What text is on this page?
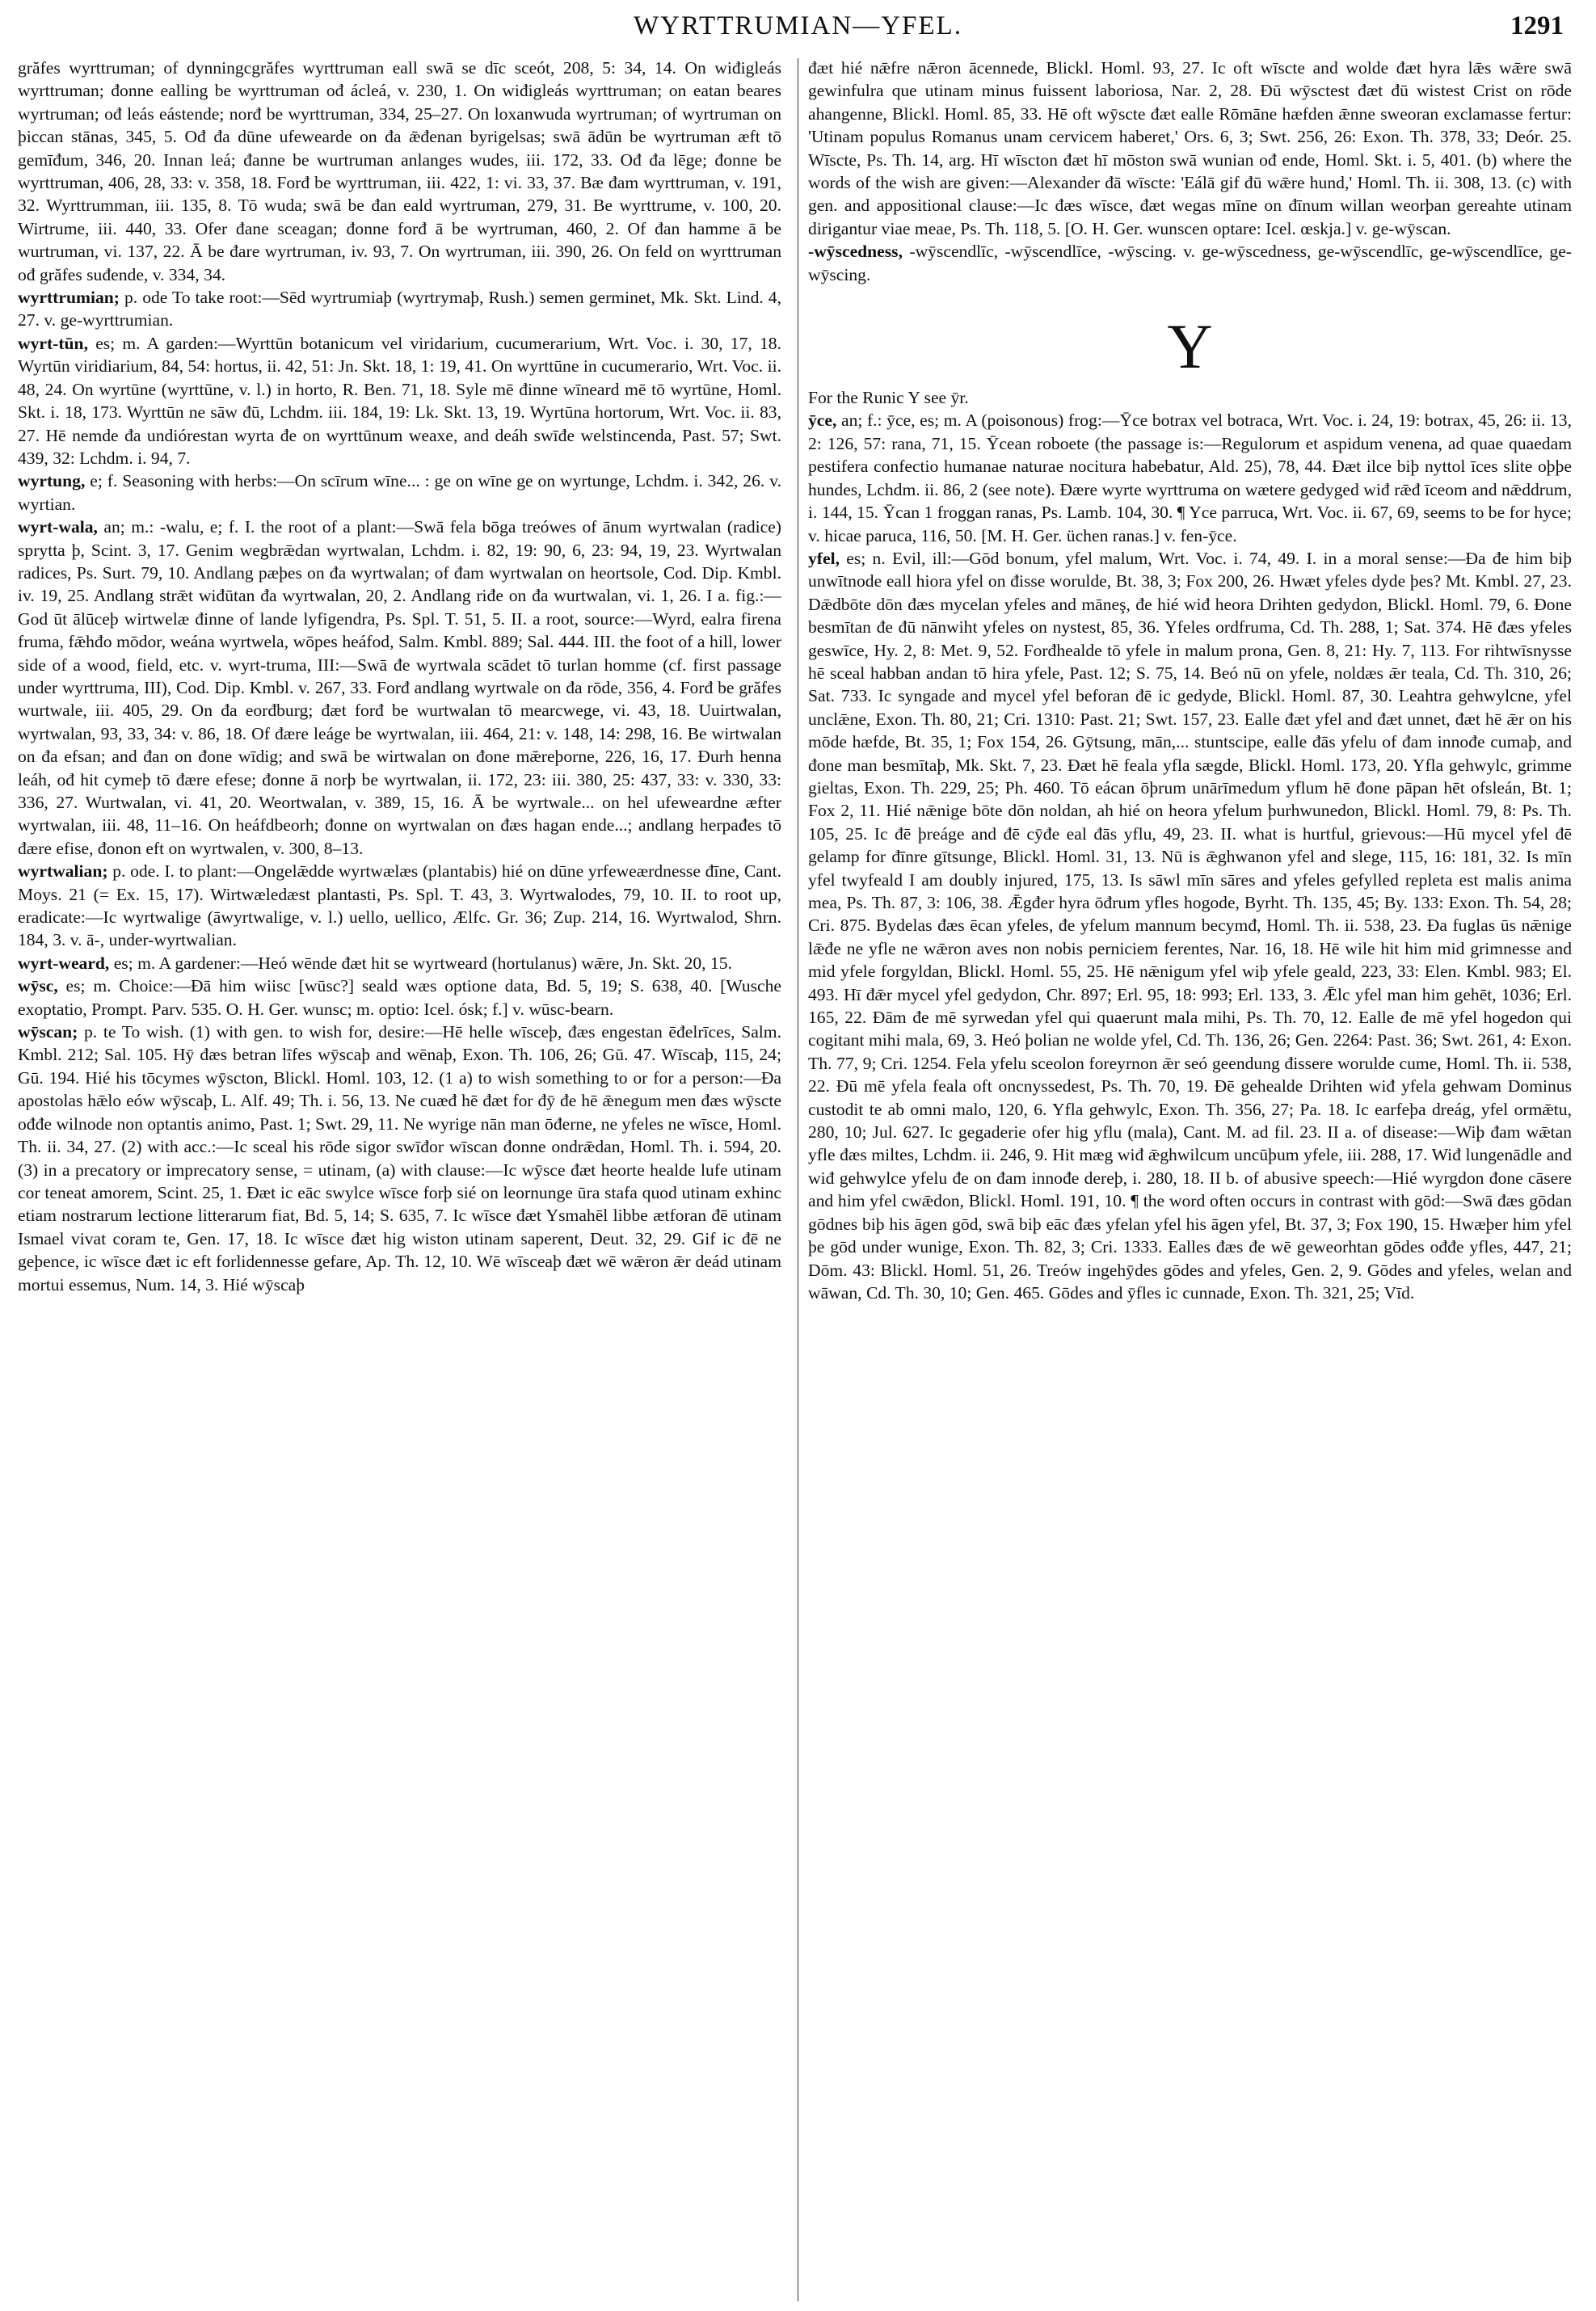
WYRTTRUMIAN—YFEL.	1291

grăfes wyrttruman; of dynningcgrăfes wyrttruman eall swā se dīc sceót, 208, 5: 34, 14. On wiđigleás wyrttruman; đonne ealling be wyrttruman ođ ácleá, v. 230, 1. On wiđigleás wyrttruman; on eatan beares wyrtruman; ođ leás eástende; norđ be wyrttruman, 334, 25–27. On loxanwuda wyrtruman; of wyrtruman on þiccan stānas, 345, 5. Ođ đa dūne ufewearde on đa ǣđenan byrigelsas; swā ādūn be wyrtruman æft tō gemīđum, 346, 20. Innan leá; đanne be wurtruman anlanges wudes, iii. 172, 33. Ođ đa lēge; đonne be wyrttruman, 406, 28, 33: v. 358, 18. Forđ be wyrttruman, iii. 422, 1: vi. 33, 37. Bæ đam wyrttruman, v. 191, 32. Wyrttrumman, iii. 135, 8. Tō wuda; swā be đan eald wyrtruman, 279, 31. Be wyrttrume, v. 100, 20. Wirtrume, iii. 440, 33. Ofer đane sceagan; đonne forđ ā be wyrtruman, 460, 2. Of đan hamme ā be wurtruman, vi. 137, 22. Ā be đare wyrtruman, iv. 93, 7. On wyrtruman, iii. 390, 26. On feld on wyrttruman ođ grăfes suđende, v. 334, 34.

wyrttrumian; p. ode To take root:—Sēd wyrtrumiaþ (wyrtrymaþ, Rush.) semen germinet, Mk. Skt. Lind. 4, 27. v. ge-wyrttrumian.

wyrt-tūn, es; m. A garden:—Wyrttūn botanicum vel viridarium, cucumerarium, Wrt. Voc. i. 30, 17, 18. Wyrtūn viridiarium, 84, 54: hortus, ii. 42, 51: Jn. Skt. 18, 1: 19, 41. On wyrttūne in cucumerario, Wrt. Voc. ii. 48, 24. On wyrtūne (wyrttūne, v. l.) in horto, R. Ben. 71, 18. Syle mē đinne wīneard mē tō wyrtūne, Homl. Skt. i. 18, 173. Wyrttūn ne sāw đū, Lchdm. iii. 184, 19: Lk. Skt. 13, 19. Wyrtūna hortorum, Wrt. Voc. ii. 83, 27. Hē nemde đa undiórestan wyrta đe on wyrttūnum weaxe, and deáh swīđe welstincenda, Past. 57; Swt. 439, 32: Lchdm. i. 94, 7.

wyrtung, e; f. Seasoning with herbs:—On scīrum wīne... : ge on wīne ge on wyrtunge, Lchdm. i. 342, 26. v. wyrtian.

wyrt-wala, an; m.: -walu, e; f. I. the root of a plant:—Swā fela bōga treówes of ānum wyrtwalan (radice) sprytta þ, Scint. 3, 17. Genim wegbrǣdan wyrtwalan, Lchdm. i. 82, 19: 90, 6, 23: 94, 19, 23. Wyrtwalan radices, Ps. Surt. 79, 10. Andlang pæþes on đa wyrtwalan; of đam wyrtwalan on heortsole, Cod. Dip. Kmbl. iv. 19, 25. Andlang strǣt wiđūtan đa wyrtwalan, 20, 2. Andlang riđe on đa wurtwalan, vi. 1, 26. I a. fig.:—God ūt ālūceþ wirtwelæ đinne of lande lyfigendra, Ps. Spl. T. 51, 5. II. a root, source:—Wyrd, ealra firena fruma, fǣhđo mōdor, weána wyrtwela, wōpes heáfod, Salm. Kmbl. 889; Sal. 444. III. the foot of a hill, lower side of a wood, field, etc. v. wyrt-truma, III:—Swā đe wyrtwala scādet tō turlan homme (cf. first passage under wyrttruma, III), Cod. Dip. Kmbl. v. 267, 33. Forđ andlang wyrtwale on đa rōde, 356, 4. Forđ be grăfes wurtwale, iii. 405, 29. On đa eorđburg; đæt forđ be wurtwalan tō mearcwege, vi. 43, 18. Uuirtwalan, wyrtwalan, 93, 33, 34: v. 86, 18. Of đære leáge be wyrtwalan, iii. 464, 21: v. 148, 14: 298, 16. Be wirtwalan on đa efsan; and đan on đone wīdig; and swā be wirtwalan on đone mǣreþorne, 226, 16, 17. Đurh henna leáh, ođ hit cymeþ tō đære efese; đonne ā norþ be wyrtwalan, ii. 172, 23: iii. 380, 25: 437, 33: v. 330, 33: 336, 27. Wurtwalan, vi. 41, 20. Weortwalan, v. 389, 15, 16. Ā be wyrtwale... on hel ufeweardne æfter wyrtwalan, iii. 48, 11–16. On heáfdbeorh; đonne on wyrtwalan on đæs hagan ende...; andlang herpađes tō đære efise, đonon eft on wyrtwalen, v. 300, 8–13.

wyrtwalian; p. ode. I. to plant:—Ongelǣdde wyrtwælæs (plantabis) hié on dūne yrfeweærdnesse đīne, Cant. Moys. 21 (= Ex. 15, 17). Wirtwæledæst plantasti, Ps. Spl. T. 43, 3. Wyrtwalodes, 79, 10. II. to root up, eradicate:—Ic wyrtwalige (āwyrtwalige, v. l.) uello, uellico, Ælfc. Gr. 36; Zup. 214, 16. Wyrtwalod, Shrn. 184, 3. v. ā-, under-wyrtwalian.

wyrt-weard, es; m. A gardener:—Heó wēnde đæt hit se wyrtweard (hortulanus) wǣre, Jn. Skt. 20, 15.

wȳsc, es; m. Choice:—Đā him wiisc [wūsc?] seald wæs optione data, Bd. 5, 19; S. 638, 40. [Wusche exoptatio, Prompt. Parv. 535. O. H. Ger. wunsc; m. optio: Icel. ósk; f.] v. wūsc-bearn.

wȳscan; p. te To wish. (1) with gen. to wish for, desire:—Hē helle wīsceþ, đæs engestan ēđelrīces, Salm. Kmbl. 212; Sal. 105. Hȳ đæs betran līfes wȳscaþ and wēnaþ, Exon. Th. 106, 26; Gū. 47. Wīscaþ, 115, 24; Gū. 194. Hié his tōcymes wȳscton, Blickl. Homl. 103, 12. (1 a) to wish something to or for a person:—Đa apostolas hǣlo eów wȳscaþ, L. Alf. 49; Th. i. 56, 13. Ne cuæđ hē đæt for đȳ đe hē ǣnegum men đæs wȳscte ođđe wilnode non optantis animo, Past. 1; Swt. 29, 11. Ne wyrige nān man ōđerne, ne yfeles ne wīsce, Homl. Th. ii. 34, 27. (2) with acc.:—Ic sceal his rōde sigor swīđor wīscan đonne ondrǣdan, Homl. Th. i. 594, 20. (3) in a precatory or imprecatory sense, = utinam, (a) with clause:—Ic wȳsce đæt heorte healde lufe utinam cor teneat amorem, Scint. 25, 1. Đæt ic eāc swylce wīsce forþ sié on leornunge ūra stafa quod utinam exhinc etiam nostrarum lectione litterarum fiat, Bd. 5, 14; S. 635, 7. Ic wīsce đæt Ysmahēl libbe ætforan đē utinam Ismael vivat coram te, Gen. 17, 18. Ic wīsce đæt hig wiston utinam saperent, Deut. 32, 29. Gif ic đē ne geþence, ic wīsce đæt ic eft forlidennesse gefare, Ap. Th. 12, 10. Wē wīsceaþ đæt wē wǣron ǣr deád utinam mortui essemus, Num. 14, 3. Hié wȳscaþ

đæt hié nǣfre nǣron ācennede, Blickl. Homl. 93, 27. Ic oft wīscte and wolde đæt hyra lǣs wǣre swā gewinfulra que utinam minus fuissent laboriosa, Nar. 2, 28. Đū wȳsctest đæt đū wistest Crist on rōde ahangenne, Blickl. Homl. 85, 33. Hē oft wȳscte đæt ealle Rōmāne hæfden ǣnne sweoran exclamasse fertur: 'Utinam populus Romanus unam cervicem haberet,' Ors. 6, 3; Swt. 256, 26: Exon. Th. 378, 33; Deór. 25. Wīscte, Ps. Th. 14, arg. Hī wīscton đæt hī mōston swā wunian ođ ende, Homl. Skt. i. 5, 401. (b) where the words of the wish are given:—Alexander đā wīscte: 'Eálā gif đū wǣre hund,' Homl. Th. ii. 308, 13. (c) with gen. and appositional clause:—Ic đæs wīsce, đæt wegas mīne on đīnum willan weorþan gereahte utinam dirigantur viae meae, Ps. Th. 118, 5. [O. H. Ger. wunscen optare: Icel. œskja.] v. ge-wȳscan.

-wȳscedness, -wȳscendlīc, -wȳscendlīce, -wȳscing. v. ge-wȳscedness, ge-wȳscendlīc, ge-wȳscendlīce, ge-wȳscing.

Y

For the Runic Y see ȳr.

ȳce, an; f.: ȳce, es; m. A (poisonous) frog:—Ȳce botrax vel botraca, Wrt. Voc. i. 24, 19: botrax, 45, 26: ii. 13, 2: 126, 57: rana, 71, 15. Ȳcean roboete (the passage is:—Regulorum et aspidum venena, ad quae quaedam pestifera confectio humanae naturae nocitura habebatur, Ald. 25), 78, 44. Đæt ilce biþ nyttol īces slite oþþe hundes, Lchdm. ii. 86, 2 (see note). Đære wyrte wyrttruma on wætere gedyged wiđ rǣđ īceom and nǣddrum, i. 144, 15. Ȳcan 1 froggan ranas, Ps. Lamb. 104, 30. ¶ Yce parruca, Wrt. Voc. ii. 67, 69, seems to be for hyce; v. hicae paruca, 116, 50. [M. H. Ger. üchen ranas.] v. fen-ȳce.

yfel, es; n. Evil, ill:—Gōd bonum, yfel malum, Wrt. Voc. i. 74, 49. I. in a moral sense:—Đa đe him biþ unwītnode eall hiora yfel on đisse worulde, Bt. 38, 3; Fox 200, 26. Hwæt yfeles dyde þes? Mt. Kmbl. 27, 23. Dǣdbōte dōn đæs mycelan yfeles and māneş, đe hié wiđ heora Drihten gedydon, Blickl. Homl. 79, 6. Đone besmītan đe đū nānwiht yfeles on nystest, 85, 36. Yfeles ordfruma, Cd. Th. 288, 1; Sat. 374. Hē đæs yfeles geswīce, Hy. 2, 8: Met. 9, 52. Forđhealde tō yfele in malum prona, Gen. 8, 21: Hy. 7, 113. For rihtwīsnysse hē sceal habban andan tō hira yfele, Past. 12; S. 75, 14. Beó nū on yfele, noldæs ǣr teala, Cd. Th. 310, 26; Sat. 733. Ic syngade and mycel yfel beforan đē ic gedyde, Blickl. Homl. 87, 30. Leahtra gehwylcne, yfel unclǣne, Exon. Th. 80, 21; Cri. 1310: Past. 21; Swt. 157, 23. Ealle đæt yfel and đæt unnet, đæt hē ǣr on his mōde hæfde, Bt. 35, 1; Fox 154, 26. Gȳtsung, mān,... stuntscipe, ealle đās yfelu of đam innođe cumaþ, and đone man besmītaþ, Mk. Skt. 7, 23. Đæt hē feala yfla sægde, Blickl. Homl. 173, 20. Yfla gehwylc, grimme gieltas, Exon. Th. 229, 25; Ph. 460. Tō eácan ōþrum unārīmedum yflum hē đone pāpan hēt ofsleán, Bt. 1; Fox 2, 11. Hié nǣnige bōte dōn noldan, ah hié on heora yfelum þurhwunedon, Blickl. Homl. 79, 8: Ps. Th. 105, 25. Ic đē þreáge and đē cȳđe eal đās yflu, 49, 23. II. what is hurtful, grievous:—Hū mycel yfel đē gelamp for đīnre gītsunge, Blickl. Homl. 31, 13. Nū is ǣghwanon yfel and slege, 115, 16: 181, 32. Is mīn yfel twyfeald I am doubly injured, 175, 13. Is sāwl mīn sāres and yfeles gefylled repleta est malis anima mea, Ps. Th. 87, 3: 106, 38. Ǣgđer hyra ōđrum yfles hogode, Byrht. Th. 135, 45; By. 133: Exon. Th. 54, 28; Cri. 875. Bydelas đæs ēcan yfeles, đe yfelum mannum becymđ, Homl. Th. ii. 538, 23. Đa fuglas ūs nǣnige lǣđe ne yfle ne wǣron aves non nobis perniciem ferentes, Nar. 16, 18. Hē wile hit him mid grimnesse and mid yfele forgyldan, Blickl. Homl. 55, 25. Hē nǣnigum yfel wiþ yfele geald, 223, 33: Elen. Kmbl. 983; El. 493. Hī đǣr mycel yfel gedydon, Chr. 897; Erl. 95, 18: 993; Erl. 133, 3. Ǣlc yfel man him gehēt, 1036; Erl. 165, 22. Đām đe mē syrwedan yfel qui quaerunt mala mihi, Ps. Th. 70, 12. Ealle đe mē yfel hogedon qui cogitant mihi mala, 69, 3. Heó þolian ne wolde yfel, Cd. Th. 136, 26; Gen. 2264: Past. 36; Swt. 261, 4: Exon. Th. 77, 9; Cri. 1254. Fela yfelu sceolon foreyrnon ǣr seó geendung đissere worulde cume, Homl. Th. ii. 538, 22. Đū mē yfela feala oft oncnyssedest, Ps. Th. 70, 19. Đē gehealde Drihten wiđ yfela gehwam Dominus custodit te ab omni malo, 120, 6. Yfla gehwylc, Exon. Th. 356, 27; Pa. 18. Ic earfeþa dreág, yfel ormǣtu, 280, 10; Jul. 627. Ic gegaderie ofer hig yflu (mala), Cant. M. ad fil. 23. II a. of disease:—Wiþ đam wǣtan yfle đæs miltes, Lchdm. ii. 246, 9. Hit mæg wiđ ǣghwilcum uncūþum yfele, iii. 288, 17. Wiđ lungenādle and wiđ gehwylce yfelu đe on đam innođe dereþ, i. 280, 18. II b. of abusive speech:—Hié wyrgdon đone cāsere and him yfel cwǣdon, Blickl. Homl. 191, 10. ¶ the word often occurs in contrast with gōd:—Swā đæs gōdan gōdnes biþ his āgen gōd, swā biþ eāc đæs yfelan yfel his āgen yfel, Bt. 37, 3; Fox 190, 15. Hwæþer him yfel þe gōd under wunige, Exon. Th. 82, 3; Cri. 1333. Ealles đæs đe wē geweorhtan gōdes ođđe yfles, 447, 21; Dōm. 43: Blickl. Homl. 51, 26. Treów ingehȳdes gōdes and yfeles, Gen. 2, 9. Gōdes and yfeles, welan and wāwan, Cd. Th. 30, 10; Gen. 465. Gōdes and ȳfles ic cunnade, Exon. Th. 321, 25; Vīd.
